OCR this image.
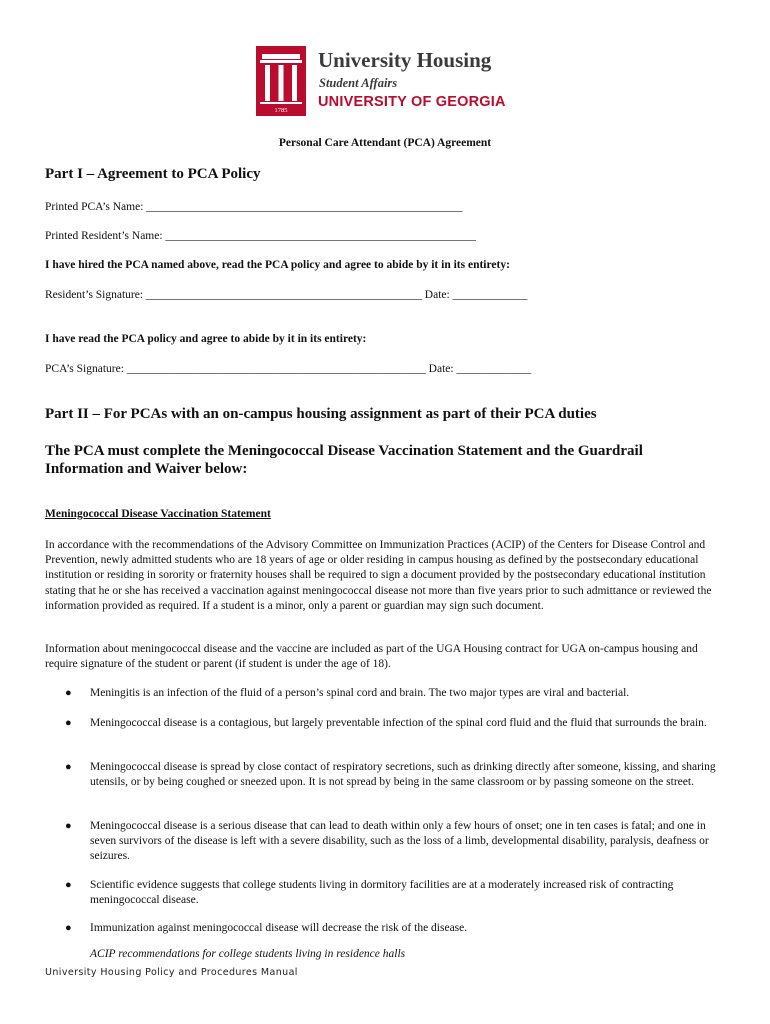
1785
University Housing
Student Affairs
UNIVERSITY OF GEORGIA
Personal Care Attendant (PCA) Agreement
Part I – Agreement to PCA Policy
Printed PCA’s Name: _______________________________________________________
Printed Resident’s Name: ______________________________________________________
I have hired the PCA named above, read the PCA policy and agree to abide by it in its entirety:
Resident’s Signature: ________________________________________________ Date: _____________
I have read the PCA policy and agree to abide by it in its entirety:
PCA’s Signature: ____________________________________________________ Date: _____________
Part II – For PCAs with an on-campus housing assignment as part of their PCA duties
The PCA must complete the Meningococcal Disease Vaccination Statement and the Guardrail
Information and Waiver below:
Meningococcal Disease Vaccination Statement
In accordance with the recommendations of the Advisory Committee on Immunization Practices (ACIP) of the Centers for Disease Control and Prevention, newly admitted students who are 18 years of age or older residing in campus housing as defined by the postsecondary educational institution or residing in sorority or fraternity houses shall be required to sign a document provided by the postsecondary educational institution stating that he or she has received a vaccination against meningococcal disease not more than five years prior to such admittance or reviewed the information provided as required. If a student is a minor, only a parent or guardian may sign such document.
Information about meningococcal disease and the vaccine are included as part of the UGA Housing contract for UGA on-campus housing and require signature of the student or parent (if student is under the age of 18).
● Meningitis is an infection of the fluid of a person’s spinal cord and brain. The two major types are viral and bacterial.
● Meningococcal disease is a contagious, but largely preventable infection of the spinal cord fluid and the fluid that surrounds the brain.
● Meningococcal disease is spread by close contact of respiratory secretions, such as drinking directly after someone, kissing, and sharing utensils, or by being coughed or sneezed upon. It is not spread by being in the same classroom or by passing someone on the street.
● Meningococcal disease is a serious disease that can lead to death within only a few hours of onset; one in ten cases is fatal; and one in seven survivors of the disease is left with a severe disability, such as the loss of a limb, developmental disability, paralysis, deafness or seizures.
● Scientific evidence suggests that college students living in dormitory facilities are at a moderately increased risk of contracting meningococcal disease.
● Immunization against meningococcal disease will decrease the risk of the disease.
ACIP recommendations for college students living in residence halls
University Housing Policy and Procedures Manual
